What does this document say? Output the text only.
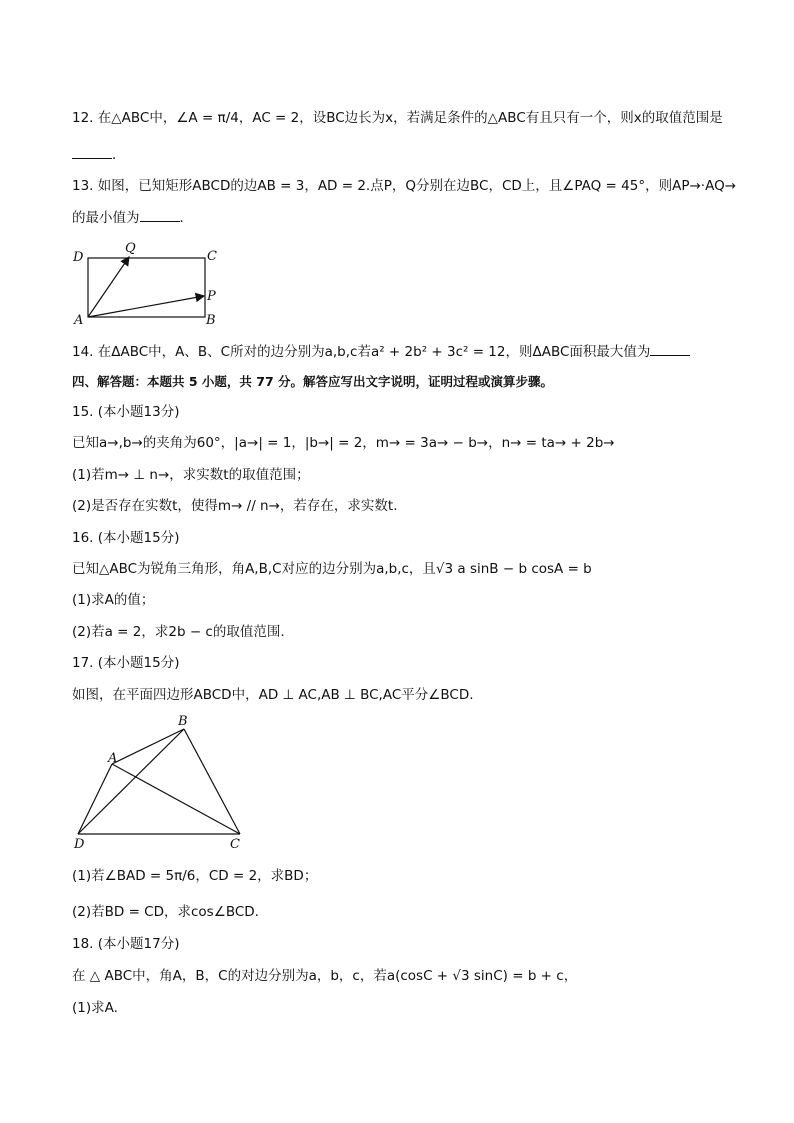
12. 在△ABC中，∠A = π/4，AC = 2，设BC边长为x，若满足条件的△ABC有且只有一个，则x的取值范围是
．
13. 如图，已知矩形ABCD的边AB = 3，AD = 2.点P，Q分别在边BC，CD上，且∠PAQ = 45°，则AP→·AQ→
的最小值为	．
D
Q
C
P
A	B
14. 在ΔABC中，A、B、C所对的边分别为a,b,c若a² + 2b² + 3c² = 12，则ΔABC面积最大值为
四、解答题：本题共 5 小题，共 77 分。解答应写出文字说明，证明过程或演算步骤。
15. (本小题13分)
已知a→,b→的夹角为60°，|a→| = 1，|b→| = 2，m→ = 3a→ − b→，n→ = ta→ + 2b→
(1)若m→ ⊥ n→，求实数t的取值范围；
(2)是否存在实数t，使得m→ // n→，若存在，求实数t.
16. (本小题15分)
已知△ABC为锐角三角形，角A,B,C对应的边分别为a,b,c，且√3 a sinB − b cosA = b
(1)求A的值；
(2)若a = 2，求2b − c的取值范围.
17. (本小题15分)
如图，在平面四边形ABCD中，AD ⊥ AC,AB ⊥ BC,AC平分∠BCD.
A
B
C
D
(1)若∠BAD = 5π/6，CD = 2，求BD；
(2)若BD = CD，求cos∠BCD.
18. (本小题17分)
在 △ ABC中，角A，B，C的对边分别为a，b，c，若a(cosC + √3 sinC) = b + c，
(1)求A.
